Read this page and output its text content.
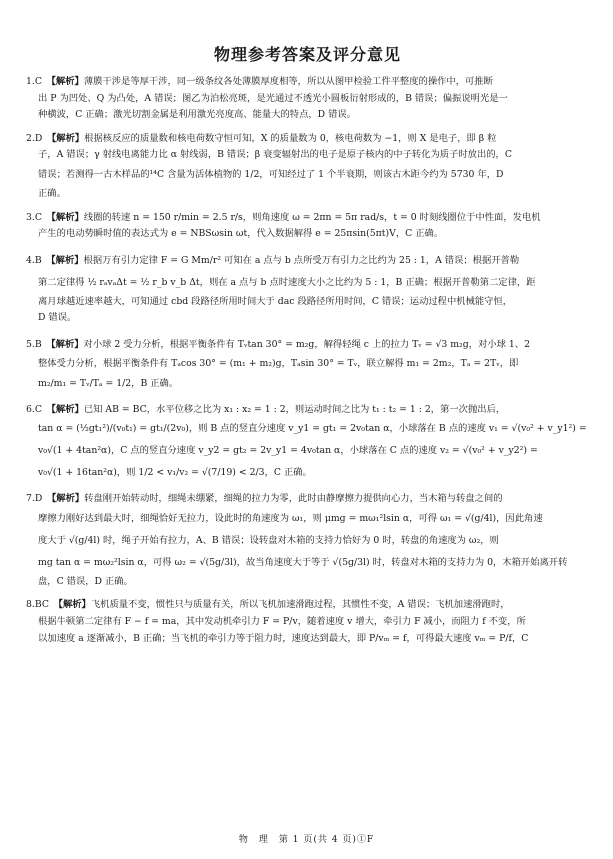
物理参考答案及评分意见
1.C　【解析】薄膜干涉是等厚干涉，同一级条纹各处薄膜厚度相等，所以从图甲检验工件平整度的操作中，可推断
出 P 为凹处、Q 为凸处，A 错误；图乙为泊松亮斑，是光通过不透光小圆板衍射形成的，B 错误；偏振说明光是一
种横波，C 正确；激光切割金属是利用激光亮度高、能量大的特点，D 错误。
2.D　【解析】根据核反应的质量数和核电荷数守恒可知，X 的质量数为 0，核电荷数为 −1，则 X 是电子，即 β 粒
子，A 错误；γ 射线电离能力比 α 射线弱，B 错误；β 衰变辐射出的电子是原子核内的中子转化为质子时放出的，C
错误；若测得一古木样品的¹⁴C 含量为活体植物的 1/2，可知经过了 1 个半衰期，则该古木距今约为 5730 年，D
正确。
3.C　【解析】线圈的转速 n = 150 r/min = 2.5 r/s，则角速度 ω = 2πn = 5π rad/s，t = 0 时刻线圈位于中性面，发电机
产生的电动势瞬时值的表达式为 e = NBSωsin ωt，代入数据解得 e = 25πsin(5πt)V，C 正确。
4.B　【解析】根据万有引力定律 F = G Mm/r² 可知在 a 点与 b 点所受万有引力之比约为 25 : 1，A 错误；根据开普勒
第二定律得 ½ rₐvₐΔt = ½ r_b v_b Δt，则在 a 点与 b 点时速度大小之比约为 5 : 1，B 正确；根据开普勒第二定律，距
离月球越近速率越大，可知通过 cbd 段路径所用时间大于 dac 段路径所用时间，C 错误；运动过程中机械能守恒，
D 错误。
5.B　【解析】对小球 2 受力分析，根据平衡条件有 Tᵥtan 30° = m₂g，解得轻绳 c 上的拉力 Tᵥ = √3 m₂g，对小球 1、2
整体受力分析，根据平衡条件有 Tₐcos 30° = (m₁ + m₂)g，Tₐsin 30° = Tᵥ，联立解得 m₁ = 2m₂，Tₐ = 2Tᵥ，即
m₂/m₁ = Tᵥ/Tₐ = 1/2，B 正确。
6.C　【解析】已知 AB = BC，水平位移之比为 x₁ : x₂ = 1 : 2，则运动时间之比为 t₁ : t₂ = 1 : 2，第一次抛出后，
tan α = (½gt₁²)/(v₀t₁) = gt₁/(2v₀)，则 B 点的竖直分速度 v_y1 = gt₁ = 2v₀tan α，小球落在 B 点的速度 v₁ = √(v₀² + v_y1²) =
v₀√(1 + 4tan²α)，C 点的竖直分速度 v_y2 = gt₂ = 2v_y1 = 4v₀tan α，小球落在 C 点的速度 v₂ = √(v₀² + v_y2²) =
v₀√(1 + 16tan²α)，则 1/2 < v₁/v₂ = √(7/19) < 2/3，C 正确。
7.D　【解析】转盘刚开始转动时，细绳未绷紧，细绳的拉力为零，此时由静摩擦力提供向心力，当木箱与转盘之间的
摩擦力刚好达到最大时，细绳恰好无拉力，设此时的角速度为 ω₁，则 μmg = mω₁²lsin α，可得 ω₁ = √(g/4l)，因此角速
度大于 √(g/4l) 时，绳子开始有拉力，A、B 错误；设转盘对木箱的支持力恰好为 0 时，转盘的角速度为 ω₂，则
mg tan α = mω₂²lsin α，可得 ω₂ = √(5g/3l)，故当角速度大于等于 √(5g/3l) 时，转盘对木箱的支持力为 0，木箱开始离开转
盘，C 错误，D 正确。
8.BC　【解析】飞机质量不变，惯性只与质量有关，所以飞机加速滑跑过程，其惯性不变，A 错误；飞机加速滑跑时，
根据牛顿第二定律有 F − f = ma，其中发动机牵引力 F = P/v，随着速度 v 增大，牵引力 F 减小，而阻力 f 不变，所
以加速度 a 逐渐减小，B 正确；当飞机的牵引力等于阻力时，速度达到最大，即 P/vₘ = f，可得最大速度 vₘ = P/f，C
物　理　第 1 页(共 4 页)①F
